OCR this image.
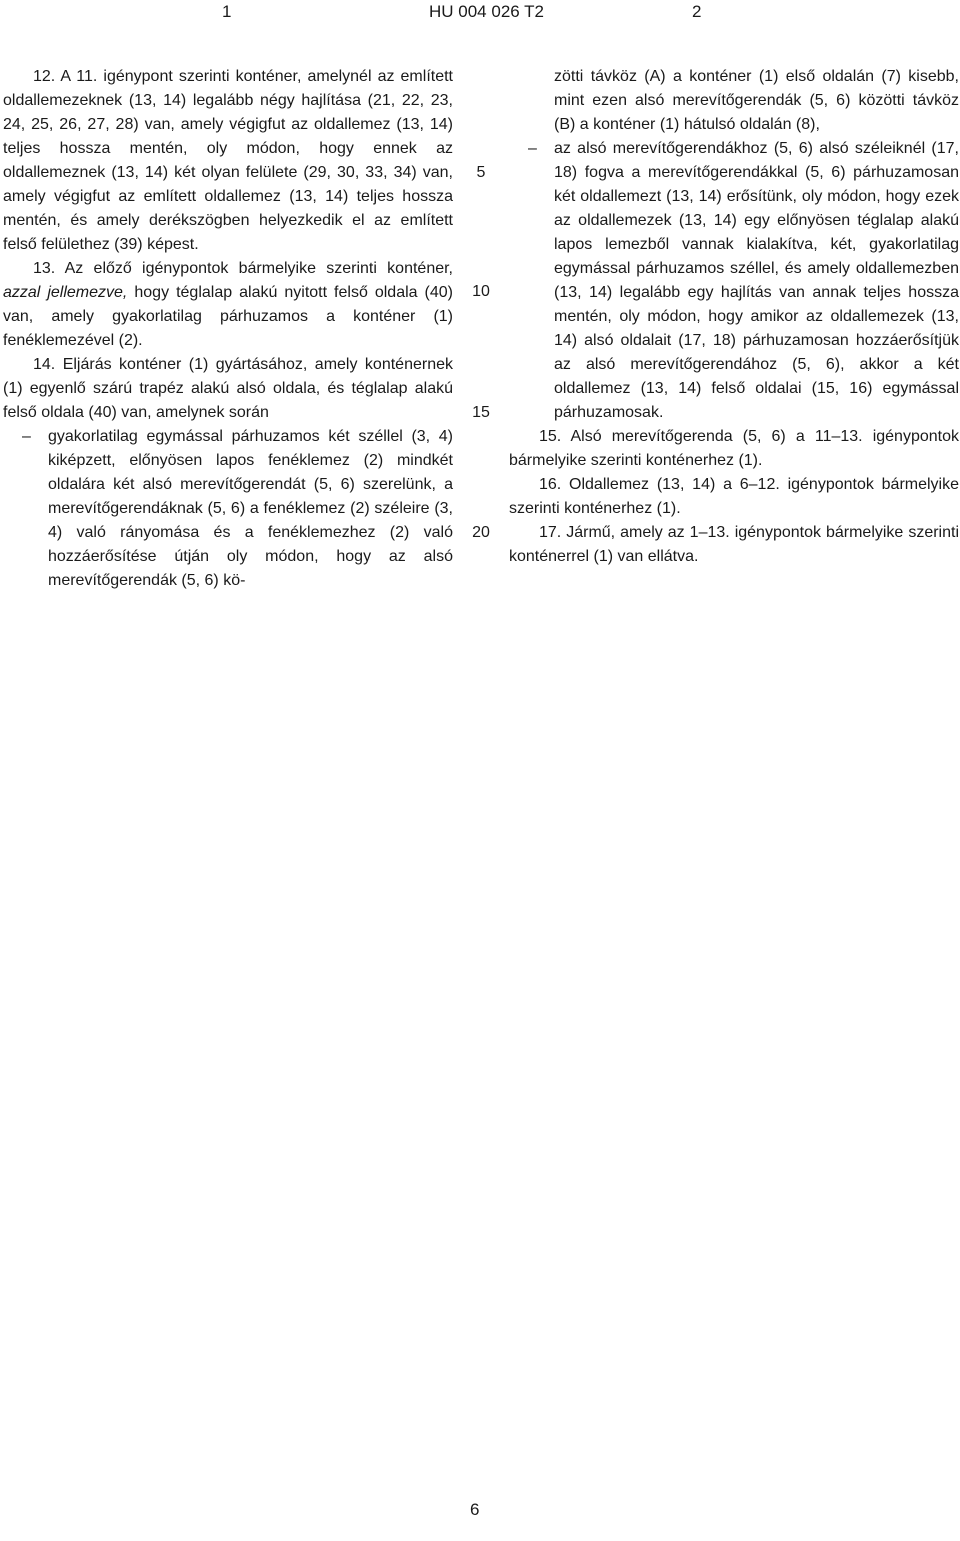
1	HU 004 026 T2	2

12. A 11. igénypont szerinti konténer, amelynél az említett oldallemezeknek (13, 14) legalább négy hajlítása (21, 22, 23, 24, 25, 26, 27, 28) van, amely végigfut az oldallemez (13, 14) teljes hossza mentén, oly módon, hogy ennek az oldallemeznek (13, 14) két olyan felülete (29, 30, 33, 34) van, amely végigfut az említett oldallemez (13, 14) teljes hossza mentén, és amely derékszögben helyezkedik el az említett felső felülethez (39) képest.

13. Az előző igénypontok bármelyike szerinti konténer, azzal jellemezve, hogy téglalap alakú nyitott felső oldala (40) van, amely gyakorlatilag párhuzamos a konténer (1) fenéklemezével (2).

14. Eljárás konténer (1) gyártásához, amely konténernek (1) egyenlő szárú trapéz alakú alsó oldala, és téglalap alakú felső oldala (40) van, amelynek során

– gyakorlatilag egymással párhuzamos két széllel (3, 4) kiképzett, előnyösen lapos fenéklemez (2) mindkét oldalára két alsó merevítőgerendát (5, 6) szerelünk, a merevítőgerendáknak (5, 6) a fenéklemez (2) széleire (3, 4) való rányomása és a fenéklemezhez (2) való hozzáerősítése útján oly módon, hogy az alsó merevítőgerendák (5, 6) kö-

5
10
15
20

zötti távköz (A) a konténer (1) első oldalán (7) kisebb, mint ezen alsó merevítőgerendák (5, 6) közötti távköz (B) a konténer (1) hátulsó oldalán (8),

– az alsó merevítőgerendákhoz (5, 6) alsó széleiknél (17, 18) fogva a merevítőgerendákkal (5, 6) párhuzamosan két oldallemezt (13, 14) erősítünk, oly módon, hogy ezek az oldallemezek (13, 14) egy előnyösen téglalap alakú lapos lemezből vannak kialakítva, két, gyakorlatilag egymással párhuzamos széllel, és amely oldallemezben (13, 14) legalább egy hajlítás van annak teljes hossza mentén, oly módon, hogy amikor az oldallemezek (13, 14) alsó oldalait (17, 18) párhuzamosan hozzáerősítjük az alsó merevítőgerendához (5, 6), akkor a két oldallemez (13, 14) felső oldalai (15, 16) egymással párhuzamosak.

15. Alsó merevítőgerenda (5, 6) a 11–13. igénypontok bármelyike szerinti konténerhez (1).

16. Oldallemez (13, 14) a 6–12. igénypontok bármelyike szerinti konténerhez (1).

17. Jármű, amely az 1–13. igénypontok bármelyike szerinti konténerrel (1) van ellátva.

6
